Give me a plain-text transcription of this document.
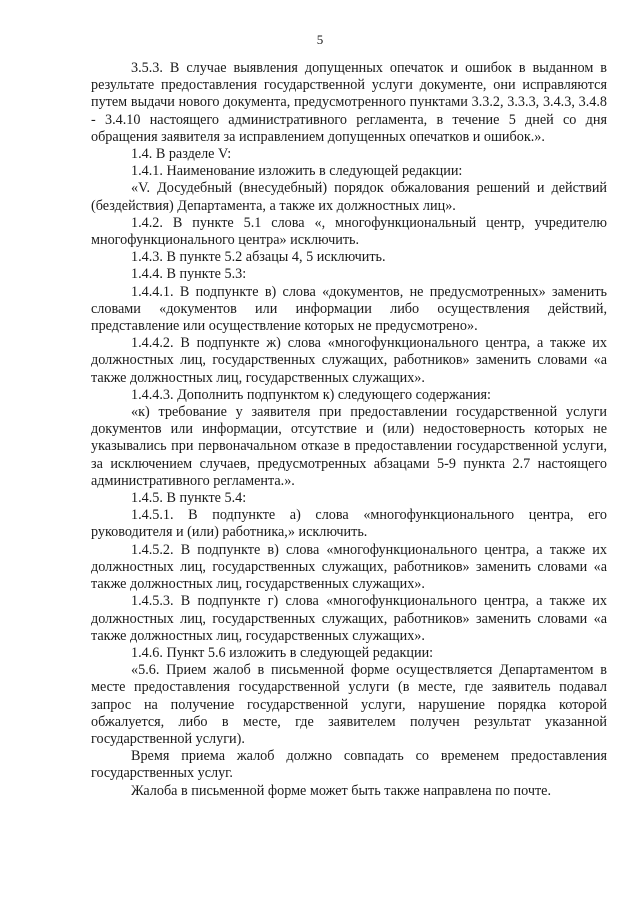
5

3.5.3. В случае выявления допущенных опечаток и ошибок в выданном в результате предоставления государственной услуги документе, они исправляются путем выдачи нового документа, предусмотренного пунктами 3.3.2, 3.3.3, 3.4.3, 3.4.8 - 3.4.10 настоящего административного регламента, в течение 5 дней со дня обращения заявителя за исправлением допущенных опечатков и ошибок.».

1.4. В разделе V:

1.4.1. Наименование изложить в следующей редакции:

«V. Досудебный (внесудебный) порядок обжалования решений и действий (бездействия) Департамента, а также их должностных лиц».

1.4.2. В пункте 5.1 слова «, многофункциональный центр, учредителю многофункционального центра» исключить.

1.4.3. В пункте 5.2 абзацы 4, 5 исключить.

1.4.4. В пункте 5.3:

1.4.4.1. В подпункте в) слова «документов, не предусмотренных» заменить словами «документов или информации либо осуществления действий, представление или осуществление которых не предусмотрено».

1.4.4.2. В подпункте ж) слова «многофункционального центра, а также их должностных лиц, государственных служащих, работников» заменить словами «а также должностных лиц, государственных служащих».

1.4.4.3. Дополнить подпунктом к) следующего содержания:

«к) требование у заявителя при предоставлении государственной услуги документов или информации, отсутствие и (или) недостоверность которых не указывались при первоначальном отказе в предоставлении государственной услуги, за исключением случаев, предусмотренных абзацами 5-9 пункта 2.7 настоящего административного регламента.».

1.4.5. В пункте 5.4:

1.4.5.1. В подпункте а) слова «многофункционального центра, его руководителя и (или) работника,» исключить.

1.4.5.2. В подпункте в) слова «многофункционального центра, а также их должностных лиц, государственных служащих, работников» заменить словами «а также должностных лиц, государственных служащих».

1.4.5.3. В подпункте г) слова «многофункционального центра, а также их должностных лиц, государственных служащих, работников» заменить словами «а также должностных лиц, государственных служащих».

1.4.6. Пункт 5.6 изложить в следующей редакции:

«5.6. Прием жалоб в письменной форме осуществляется Департаментом в месте предоставления государственной услуги (в месте, где заявитель подавал запрос на получение государственной услуги, нарушение порядка которой обжалуется, либо в месте, где заявителем получен результат указанной государственной услуги).

Время приема жалоб должно совпадать со временем предоставления государственных услуг.

Жалоба в письменной форме может быть также направлена по почте.
